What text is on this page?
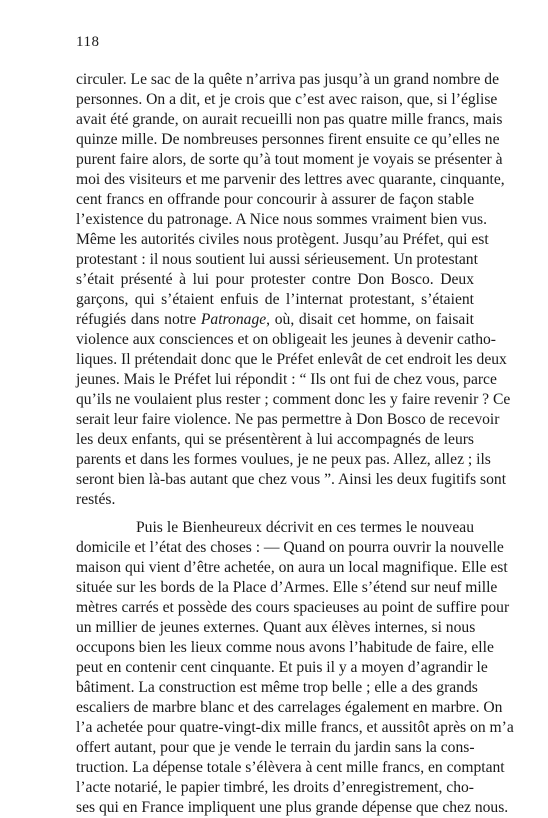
118
circuler. Le sac de la quête n’arriva pas jusqu’à un grand nombre de
personnes. On a dit, et je crois que c’est avec raison, que, si l’église
avait été grande, on aurait recueilli non pas quatre mille francs, mais
quinze mille. De nombreuses personnes firent ensuite ce qu’elles ne
purent faire alors, de sorte qu’à tout moment je voyais se présenter à
moi des visiteurs et me parvenir des lettres avec quarante, cinquante,
cent francs en offrande pour concourir à assurer de façon stable
l’existence du patronage. A Nice nous sommes vraiment bien vus.
Même les autorités civiles nous protègent. Jusqu’au Préfet, qui est
protestant : il nous soutient lui aussi sérieusement. Un protestant
s’était présenté à lui pour protester contre Don Bosco. Deux
garçons, qui s’étaient enfuis de l’internat protestant, s’étaient
réfugiés dans notre Patronage, où, disait cet homme, on faisait
violence aux consciences et on obligeait les jeunes à devenir catho-
liques. Il prétendait donc que le Préfet enlevât de cet endroit les deux
jeunes. Mais le Préfet lui répondit : “ Ils ont fui de chez vous, parce
qu’ils ne voulaient plus rester ; comment donc les y faire revenir ? Ce
serait leur faire violence. Ne pas permettre à Don Bosco de recevoir
les deux enfants, qui se présentèrent à lui accompagnés de leurs
parents et dans les formes voulues, je ne peux pas. Allez, allez ; ils
seront bien là-bas autant que chez vous ”. Ainsi les deux fugitifs sont
restés.
Puis le Bienheureux décrivit en ces termes le nouveau
domicile et l’état des choses : — Quand on pourra ouvrir la nouvelle
maison qui vient d’être achetée, on aura un local magnifique. Elle est
située sur les bords de la Place d’Armes. Elle s’étend sur neuf mille
mètres carrés et possède des cours spacieuses au point de suffire pour
un millier de jeunes externes. Quant aux élèves internes, si nous
occupons bien les lieux comme nous avons l’habitude de faire, elle
peut en contenir cent cinquante. Et puis il y a moyen d’agrandir le
bâtiment. La construction est même trop belle ; elle a des grands
escaliers de marbre blanc et des carrelages également en marbre. On
l’a achetée pour quatre-vingt-dix mille francs, et aussitôt après on m’a
offert autant, pour que je vende le terrain du jardin sans la cons-
truction. La dépense totale s’élèvera à cent mille francs, en comptant
l’acte notarié, le papier timbré, les droits d’enregistrement, cho-
ses qui en France impliquent une plus grande dépense que chez nous.
